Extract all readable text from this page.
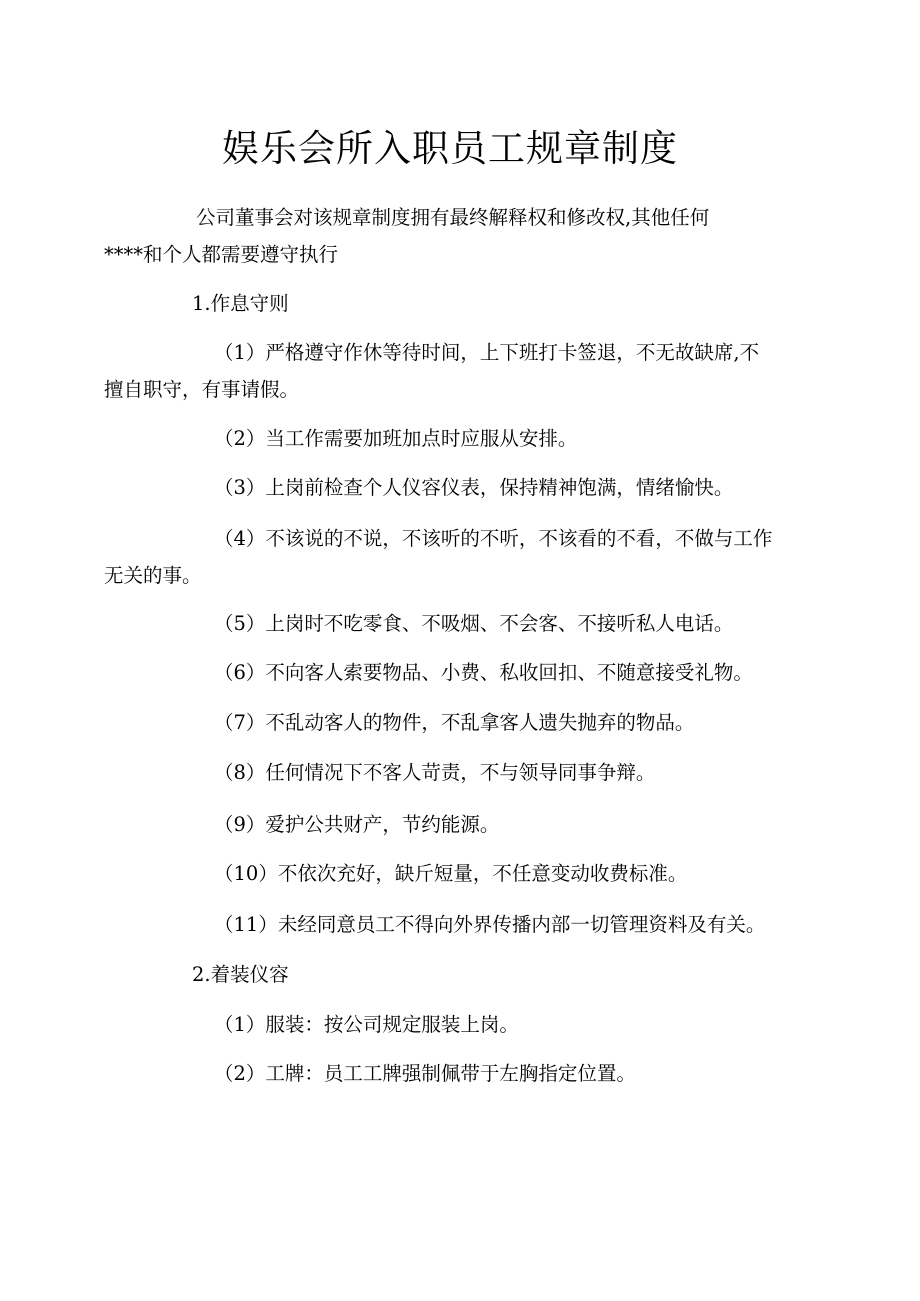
娱乐会所入职员工规章制度
公司董事会对该规章制度拥有最终解释权和修改权,其他任何
****和个人都需要遵守执行

1.作息守则

（1）严格遵守作休等待时间，上下班打卡签退，不无故缺席,不
擅自职守，有事请假。

（2）当工作需要加班加点时应服从安排。

（3）上岗前检查个人仪容仪表，保持精神饱满，情绪愉快。

（4）不该说的不说，不该听的不听，不该看的不看，不做与工作
无关的事。

（5）上岗时不吃零食、不吸烟、不会客、不接听私人电话。

（6）不向客人索要物品、小费、私收回扣、不随意接受礼物。

（7）不乱动客人的物件，不乱拿客人遗失抛弃的物品。

（8）任何情况下不客人苛责，不与领导同事争辩。

（9）爱护公共财产，节约能源。

（10）不依次充好，缺斤短量，不任意变动收费标准。

（11）未经同意员工不得向外界传播内部一切管理资料及有关。

2.着装仪容

（1）服装：按公司规定服装上岗。

（2）工牌：员工工牌强制佩带于左胸指定位置。
